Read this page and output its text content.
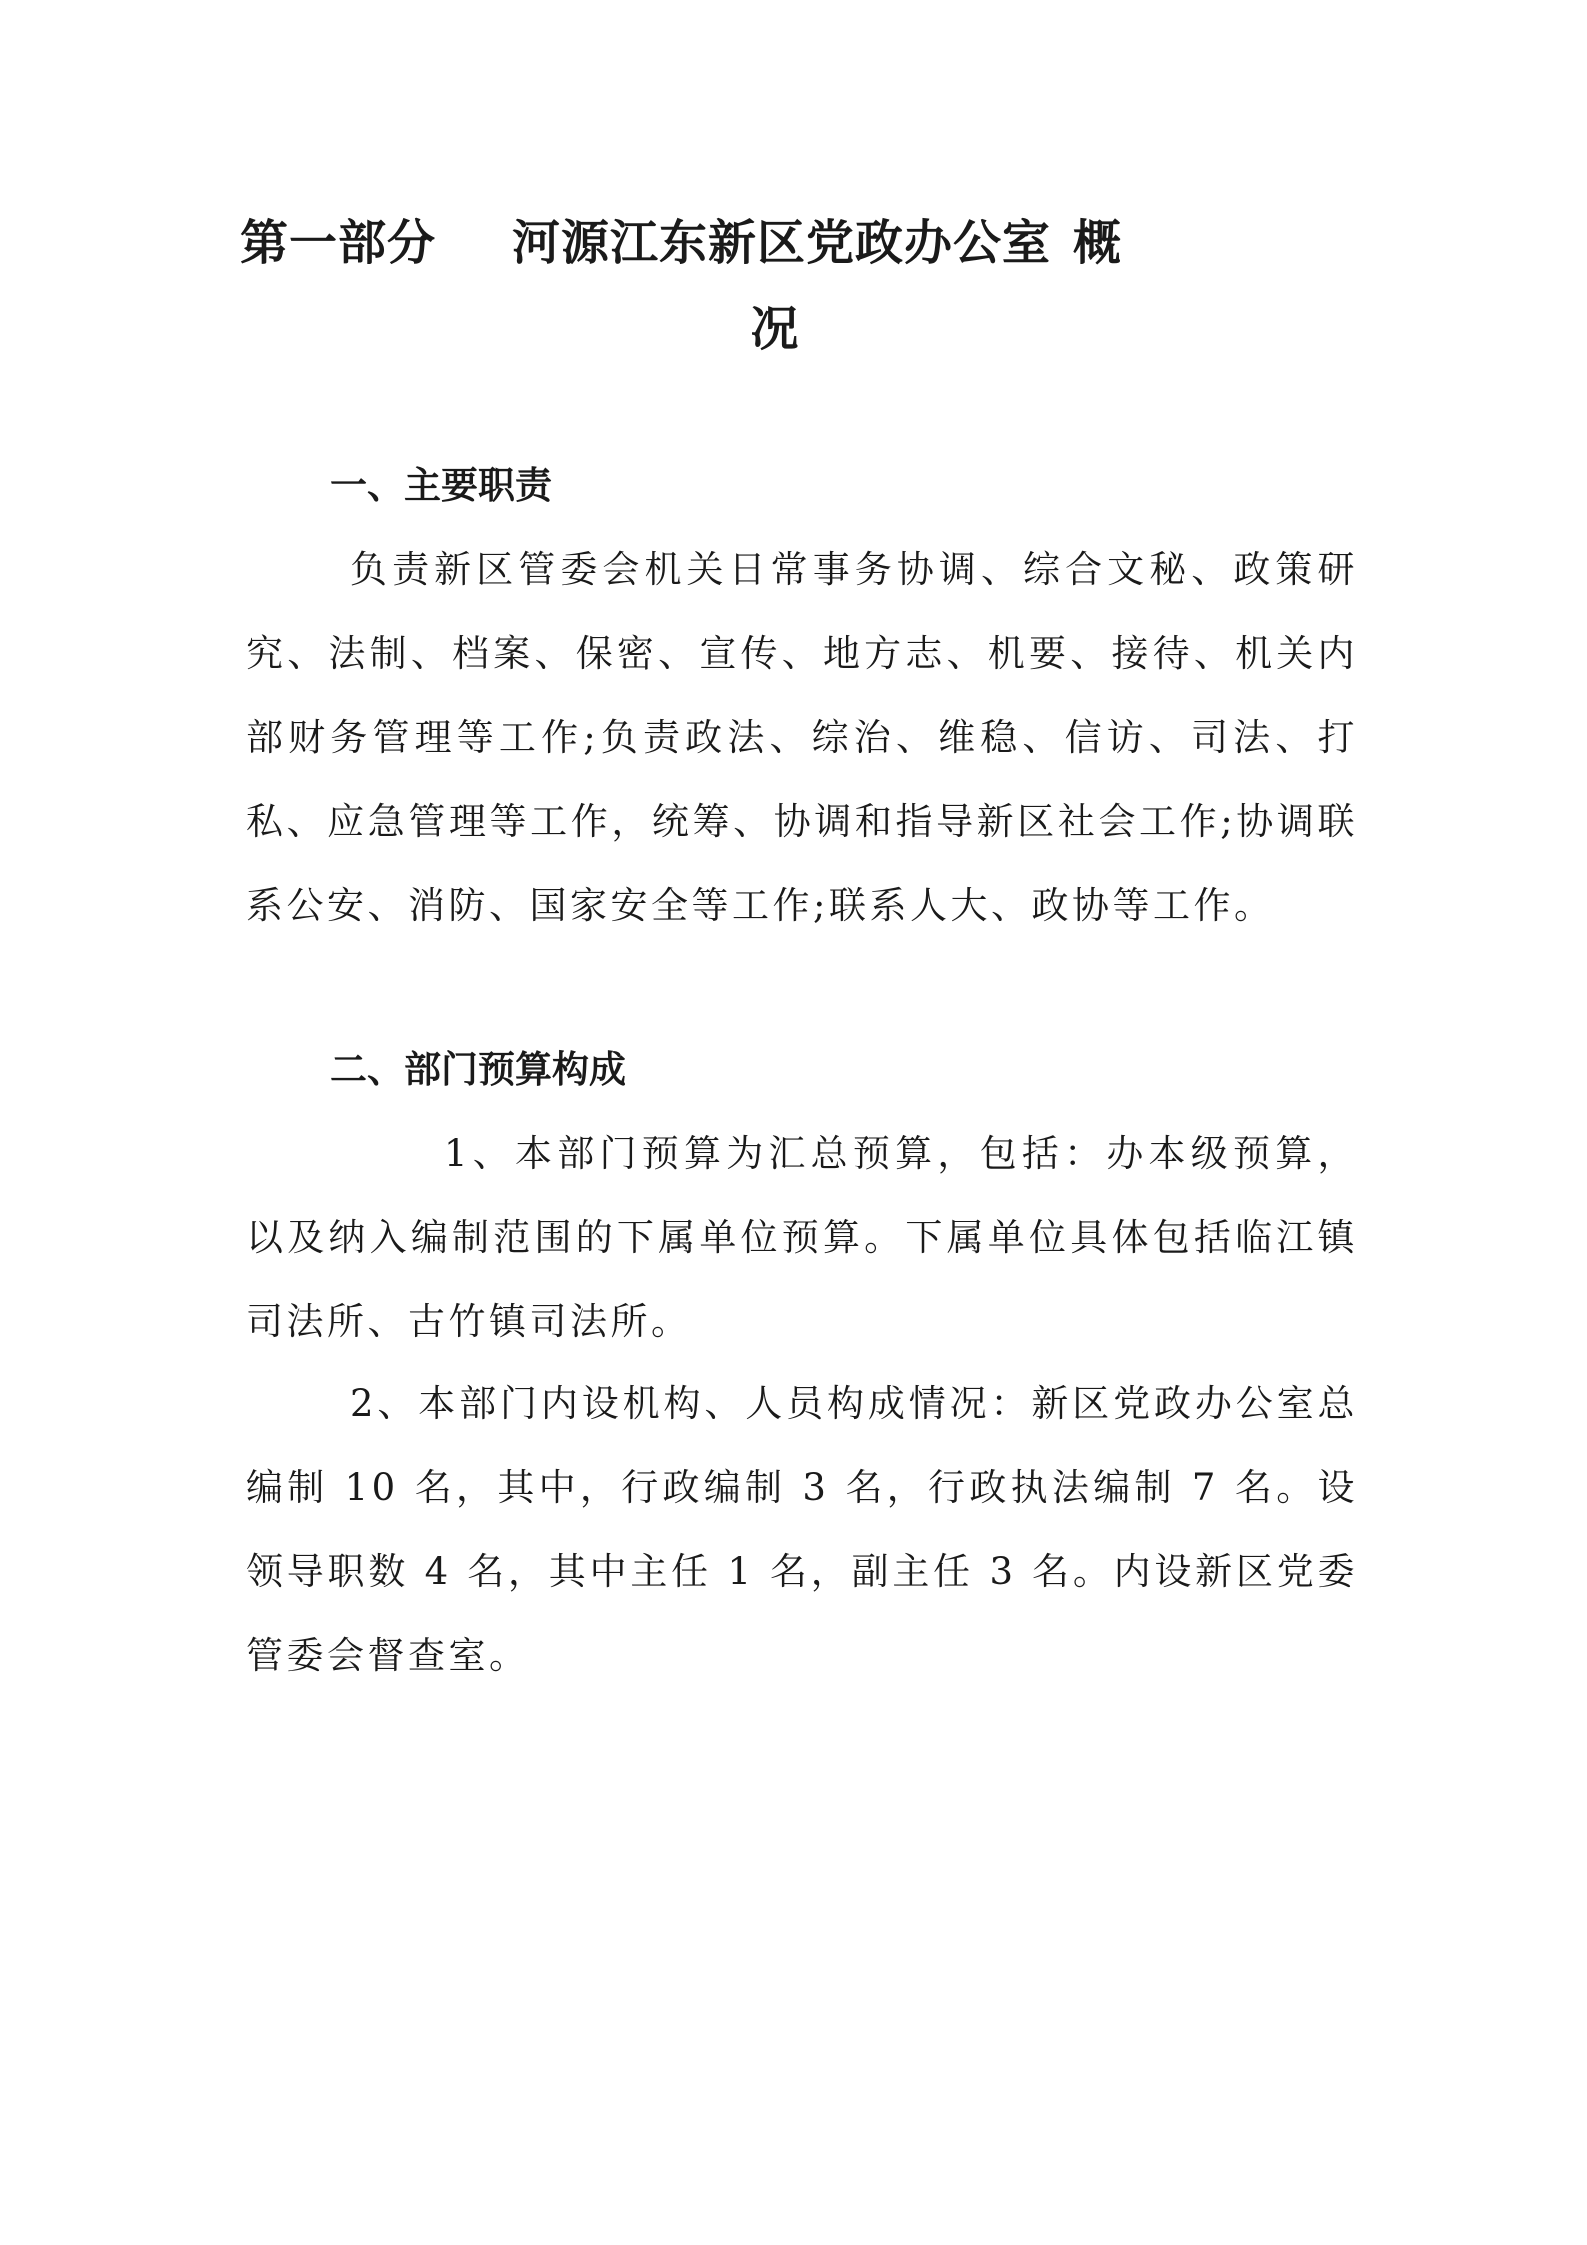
第一部分 河源江东新区党政办公室 概
况
一、主要职责

负责新区管委会机关日常事务协调、综合文秘、政策研究、法制、档案、保密、宣传、地方志、机要、接待、机关内部财务管理等工作;负责政法、综治、维稳、信访、司法、打私、应急管理等工作，统筹、协调和指导新区社会工作;协调联系公安、消防、国家安全等工作;联系人大、政协等工作。

二、部门预算构成

1、本部门预算为汇总预算，包括：办本级预算，以及纳入编制范围的下属单位预算。下属单位具体包括临江镇司法所、古竹镇司法所。

2、本部门内设机构、人员构成情况：新区党政办公室总编制 10 名，其中，行政编制 3 名，行政执法编制 7 名。设领导职数 4 名，其中主任 1 名，副主任 3 名。内设新区党委管委会督查室。
